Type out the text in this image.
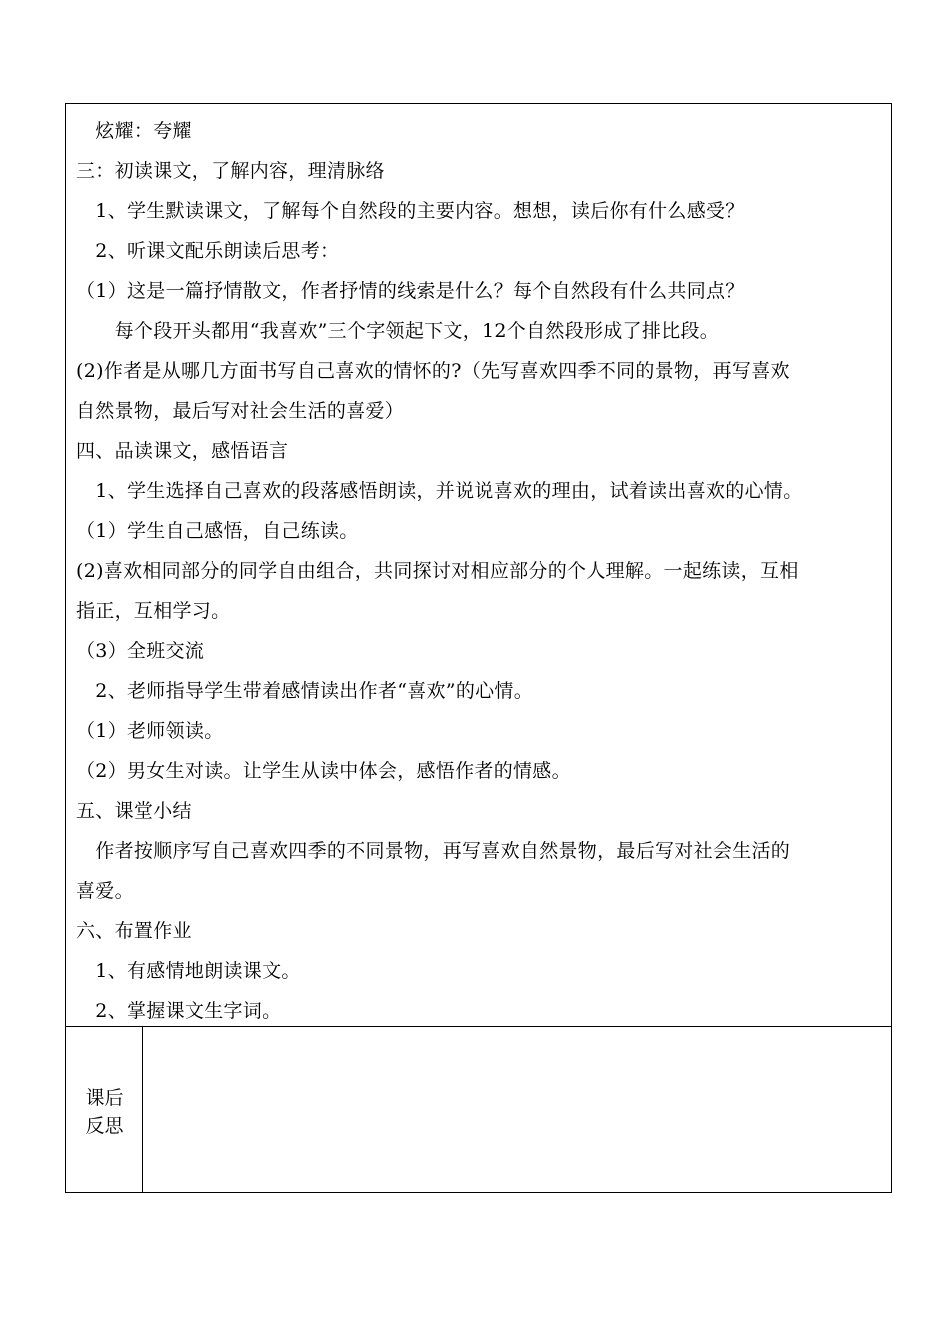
　炫耀：夸耀
三：初读课文，了解内容，理清脉络
　1、学生默读课文，了解每个自然段的主要内容。想想，读后你有什么感受？
　2、听课文配乐朗读后思考：
（1）这是一篇抒情散文，作者抒情的线索是什么？每个自然段有什么共同点？
　　每个段开头都用“我喜欢”三个字领起下文，12个自然段形成了排比段。
(2)作者是从哪几方面书写自己喜欢的情怀的?（先写喜欢四季不同的景物，再写喜欢
自然景物，最后写对社会生活的喜爱）
四、品读课文，感悟语言
　1、学生选择自己喜欢的段落感悟朗读，并说说喜欢的理由，试着读出喜欢的心情。
（1）学生自己感悟，自己练读。
(2)喜欢相同部分的同学自由组合，共同探讨对相应部分的个人理解。一起练读，互相
指正，互相学习。
（3）全班交流
　2、老师指导学生带着感情读出作者“喜欢”的心情。
（1）老师领读。
（2）男女生对读。让学生从读中体会，感悟作者的情感。
五、课堂小结
　作者按顺序写自己喜欢四季的不同景物，再写喜欢自然景物，最后写对社会生活的
喜爱。
六、布置作业
　1、有感情地朗读课文。
　2、掌握课文生字词。
课后
反思
